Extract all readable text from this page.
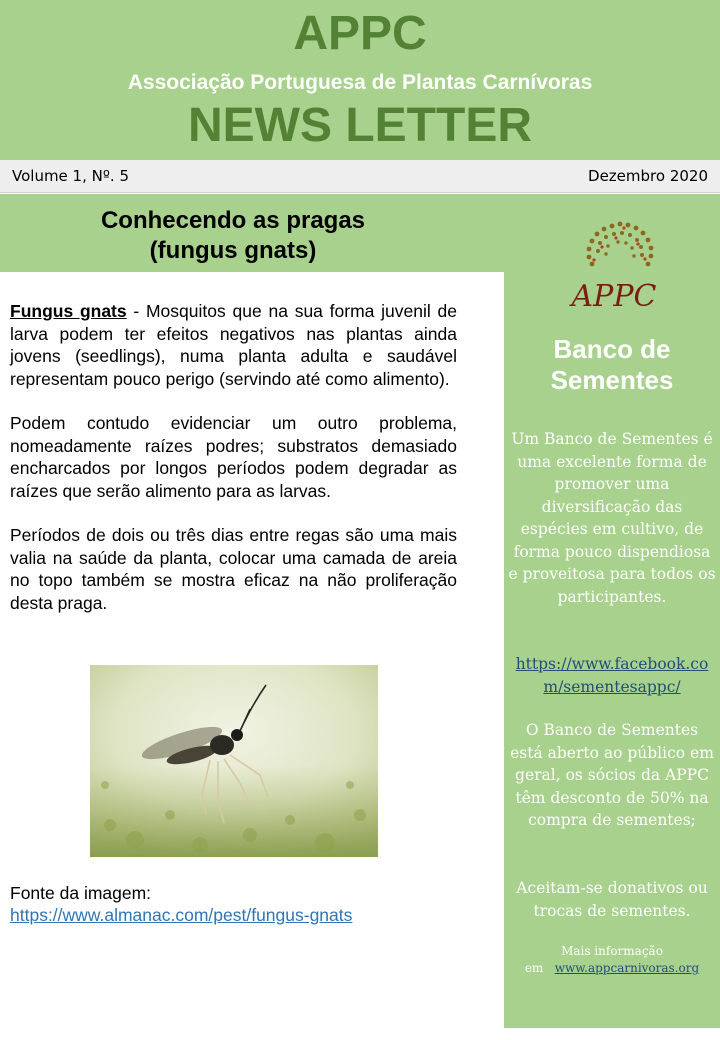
APPC
Associação Portuguesa de Plantas Carnívoras
NEWS LETTER
Volume 1, Nº. 5	Dezembro 2020
Conhecendo as pragas
(fungus gnats)

Fungus gnats - Mosquitos que na sua forma juvenil de larva podem ter efeitos negativos nas plantas ainda jovens (seedlings), numa planta adulta e saudável representam pouco perigo (servindo até como alimento).

Podem contudo evidenciar um outro problema, nomeadamente raízes podres; substratos demasiado encharcados por longos períodos podem degradar as raízes que serão alimento para as larvas.

Períodos de dois ou três dias entre regas são uma mais valia na saúde da planta, colocar uma camada de areia no topo também se mostra eficaz na não proliferação desta praga.

Fonte da imagem:
https://www.almanac.com/pest/fungus-gnats
APPC
Banco de
Sementes
Um Banco de Sementes é uma excelente forma de promover uma diversificação das espécies em cultivo, de forma pouco dispendiosa e proveitosa para todos os participantes.
https://www.facebook.com/sementesappc/
O Banco de Sementes está aberto ao público em geral, os sócios da APPC têm desconto de 50% na compra de sementes;
Aceitam-se donativos ou trocas de sementes.
Mais informação
em www.appcarnivoras.org
